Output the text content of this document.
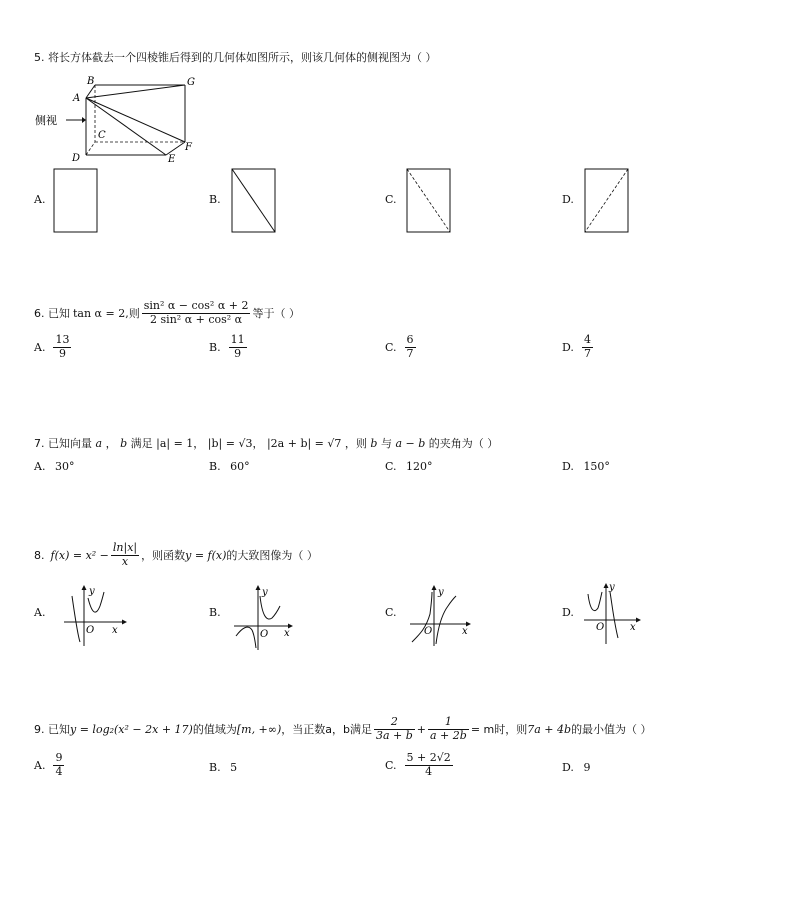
5. 将长方体截去一个四棱锥后得到的几何体如图所示，则该几何体的侧视图为（ ）
侧视
B
A
G
C
D	E
F
A.	B.	C.	D.
6. 已知 tan α = 2, 则 $\frac{\text{sin² α − cos² α + 2}}{\text{2 sin² α + cos² α}}$ 等于（ ）
A. $\frac{13}{9}$	B. $\frac{11}{9}$	C. $\frac{6}{7}$	D. $\frac{4}{7}$
7. 已知向量 a ， b 满足 |a| = 1， |b| = √3， |2a + b| = √7 ，则 b 与 a − b 的夹角为（ ）
A. 30°	B. 60°	C. 120°	D. 150°
8. $f(x) = x^2 - \frac{\ln|x|}{x}$ ，则函数 y = f(x) 的大致图像为（ ）
A.
y
x
O
B.
y
x
O
C.
y
x
O
D.
y
x
O
9. 已知 y = log₂(x² − 2x + 17) 的值域为 [m, +∞) ，当正数a，b满足 $\frac{2}{3a + b} + \frac{1}{a + 2b} = m$时，则 7a + 4b 的最小值为（ ）
A. $\frac{9}{4}$	B. 5	C. $\frac{5 + 2√2}{4}$	D. 9
